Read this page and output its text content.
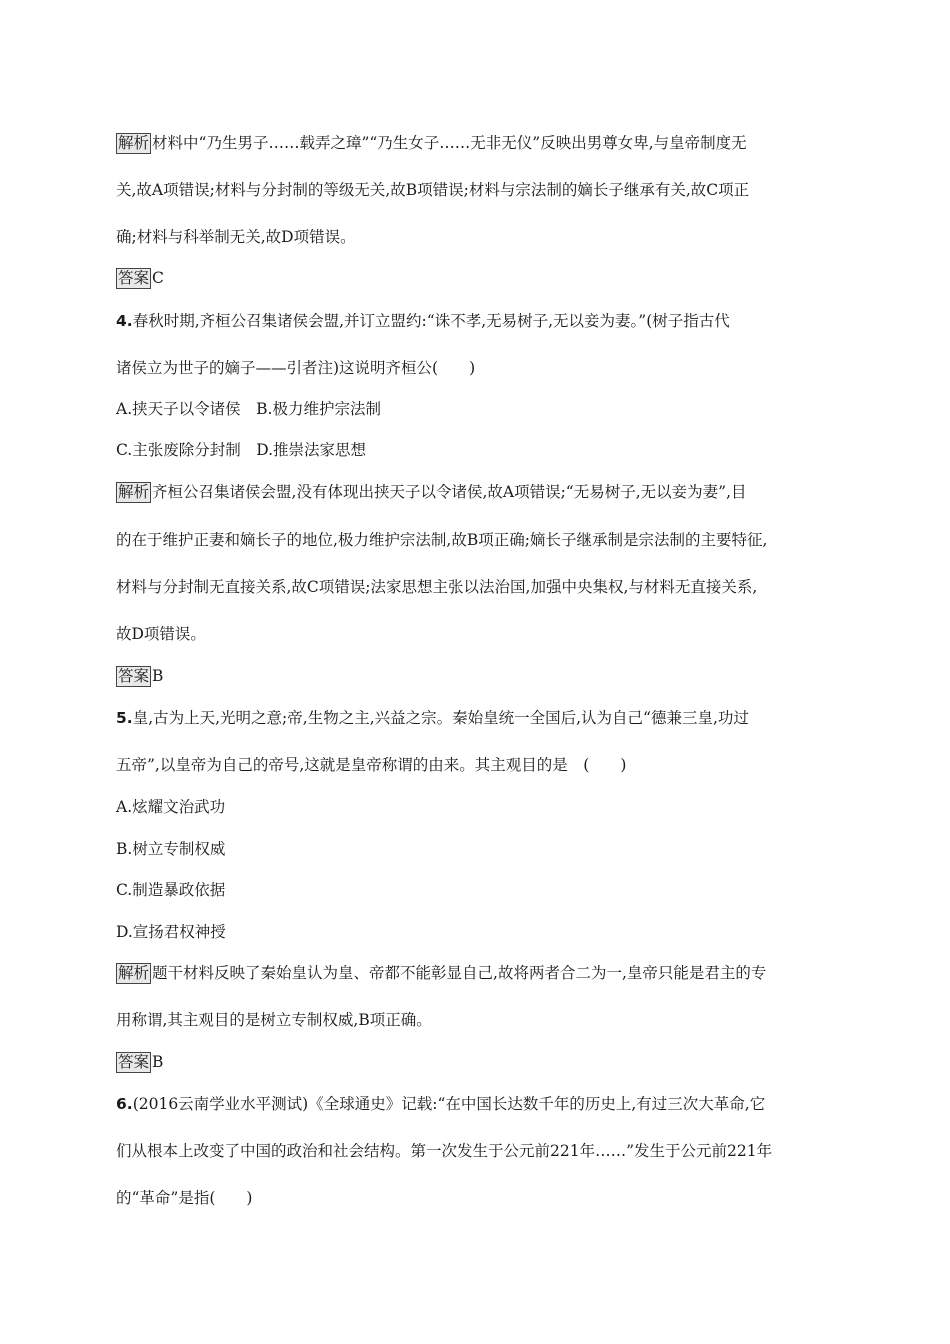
解析 材料中“乃生男子……载弄之璋”“乃生女子……无非无仪”反映出男尊女卑,与皇帝制度无
关,故A项错误;材料与分封制的等级无关,故B项错误;材料与宗法制的嫡长子继承有关,故C项正
确;材料与科举制无关,故D项错误。
答案 C
4.春秋时期,齐桓公召集诸侯会盟,并订立盟约:“诛不孝,无易树子,无以妾为妻。”(树子指古代
诸侯立为世子的嫡子——引者注)这说明齐桓公(　　)
A.挟天子以令诸侯　B.极力维护宗法制
C.主张废除分封制　D.推崇法家思想
解析 齐桓公召集诸侯会盟,没有体现出挟天子以令诸侯,故A项错误;“无易树子,无以妾为妻”,目
的在于维护正妻和嫡长子的地位,极力维护宗法制,故B项正确;嫡长子继承制是宗法制的主要特征,
材料与分封制无直接关系,故C项错误;法家思想主张以法治国,加强中央集权,与材料无直接关系,
故D项错误。
答案 B
5.皇,古为上天,光明之意;帝,生物之主,兴益之宗。秦始皇统一全国后,认为自己“德兼三皇,功过
五帝”,以皇帝为自己的帝号,这就是皇帝称谓的由来。其主观目的是　(　　)
A.炫耀文治武功
B.树立专制权威
C.制造暴政依据
D.宣扬君权神授
解析 题干材料反映了秦始皇认为皇、帝都不能彰显自己,故将两者合二为一,皇帝只能是君主的专
用称谓,其主观目的是树立专制权威,B项正确。
答案 B
6.(2016云南学业水平测试)《全球通史》记载:“在中国长达数千年的历史上,有过三次大革命,它
们从根本上改变了中国的政治和社会结构。第一次发生于公元前221年……”发生于公元前221年
的“革命”是指(　　)
